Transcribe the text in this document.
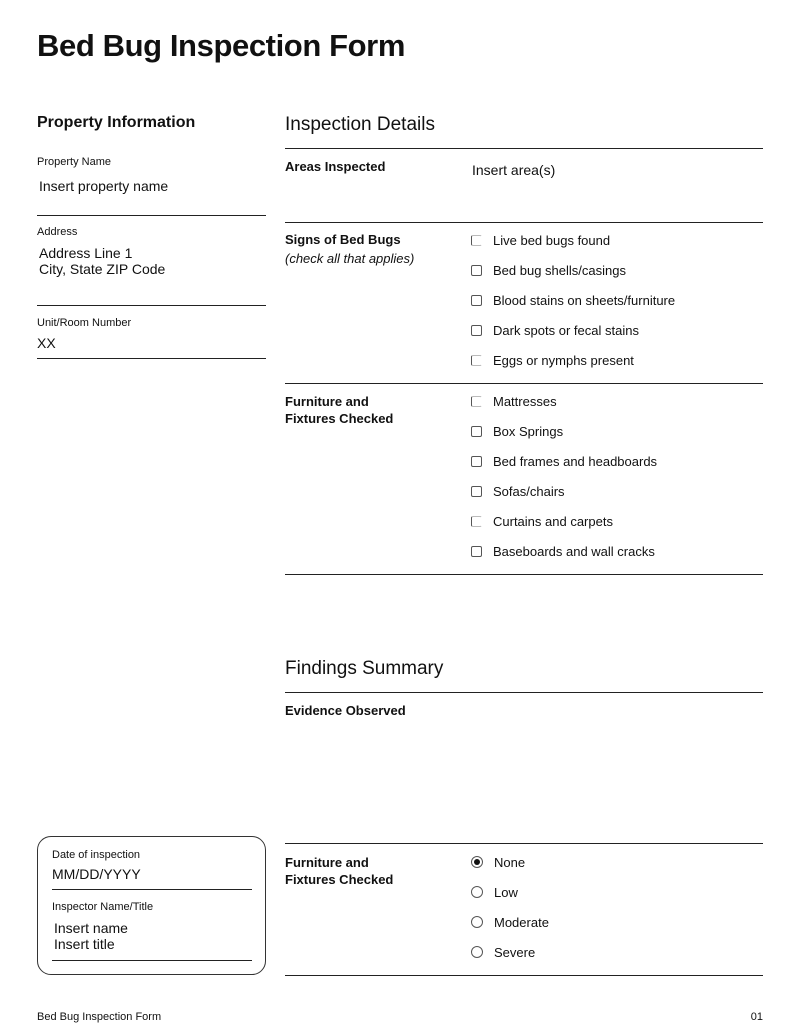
Bed Bug Inspection Form
Property Information
Property Name
Insert property name
Address
Address Line 1
City, State ZIP Code
Unit/Room Number
XX
Inspection Details
Areas Inspected	Insert area(s)
Signs of Bed Bugs
(check all that applies)
Live bed bugs found
Bed bug shells/casings
Blood stains on sheets/furniture
Dark spots or fecal stains
Eggs or nymphs present
Furniture and
Fixtures Checked
Mattresses
Box Springs
Bed frames and headboards
Sofas/chairs
Curtains and carpets
Baseboards and wall cracks
Findings Summary
Evidence Observed
Furniture and
Fixtures Checked
None
Low
Moderate
Severe
Date of inspection
MM/DD/YYYY
Inspector Name/Title
Insert name
Insert title
Bed Bug Inspection Form	01
